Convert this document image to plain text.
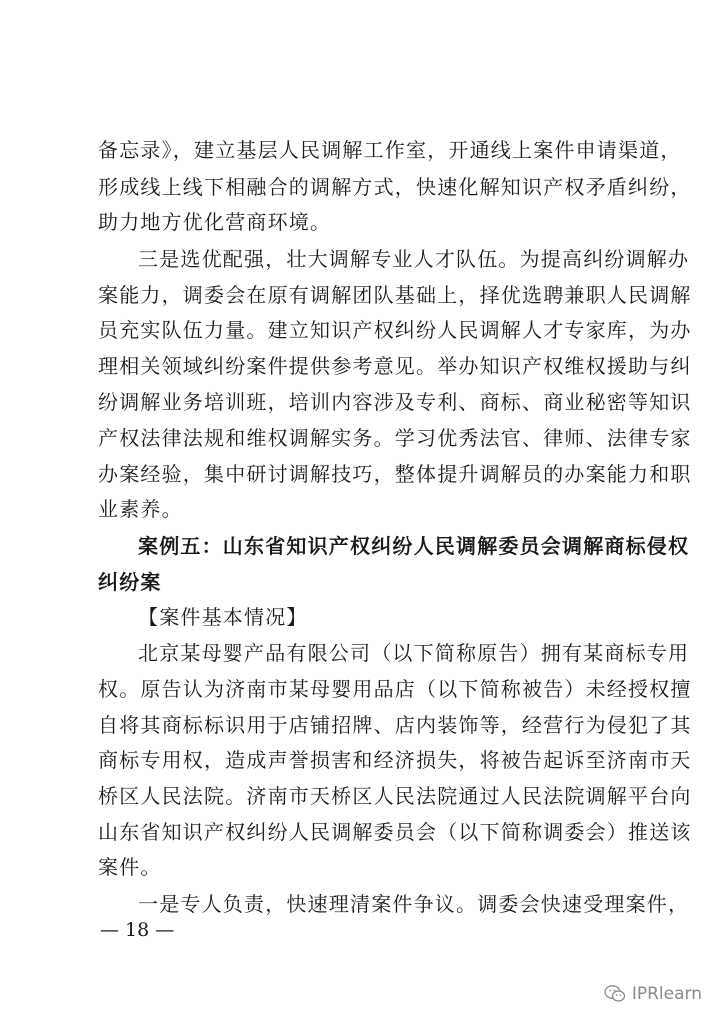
备忘录》，建立基层人民调解工作室，开通线上案件申请渠道，
形成线上线下相融合的调解方式，快速化解知识产权矛盾纠纷，
助力地方优化营商环境。
三是选优配强，壮大调解专业人才队伍。为提高纠纷调解办
案能力，调委会在原有调解团队基础上，择优选聘兼职人民调解
员充实队伍力量。建立知识产权纠纷人民调解人才专家库，为办
理相关领域纠纷案件提供参考意见。举办知识产权维权援助与纠
纷调解业务培训班，培训内容涉及专利、商标、商业秘密等知识
产权法律法规和维权调解实务。学习优秀法官、律师、法律专家
办案经验，集中研讨调解技巧，整体提升调解员的办案能力和职
业素养。
案例五：山东省知识产权纠纷人民调解委员会调解商标侵权
纠纷案
【案件基本情况】
北京某母婴产品有限公司（以下简称原告）拥有某商标专用
权。原告认为济南市某母婴用品店（以下简称被告）未经授权擅
自将其商标标识用于店铺招牌、店内装饰等，经营行为侵犯了其
商标专用权，造成声誉损害和经济损失，将被告起诉至济南市天
桥区人民法院。济南市天桥区人民法院通过人民法院调解平台向
山东省知识产权纠纷人民调解委员会（以下简称调委会）推送该
案件。
一是专人负责，快速理清案件争议。调委会快速受理案件，
— 18 —
IPRlearn
